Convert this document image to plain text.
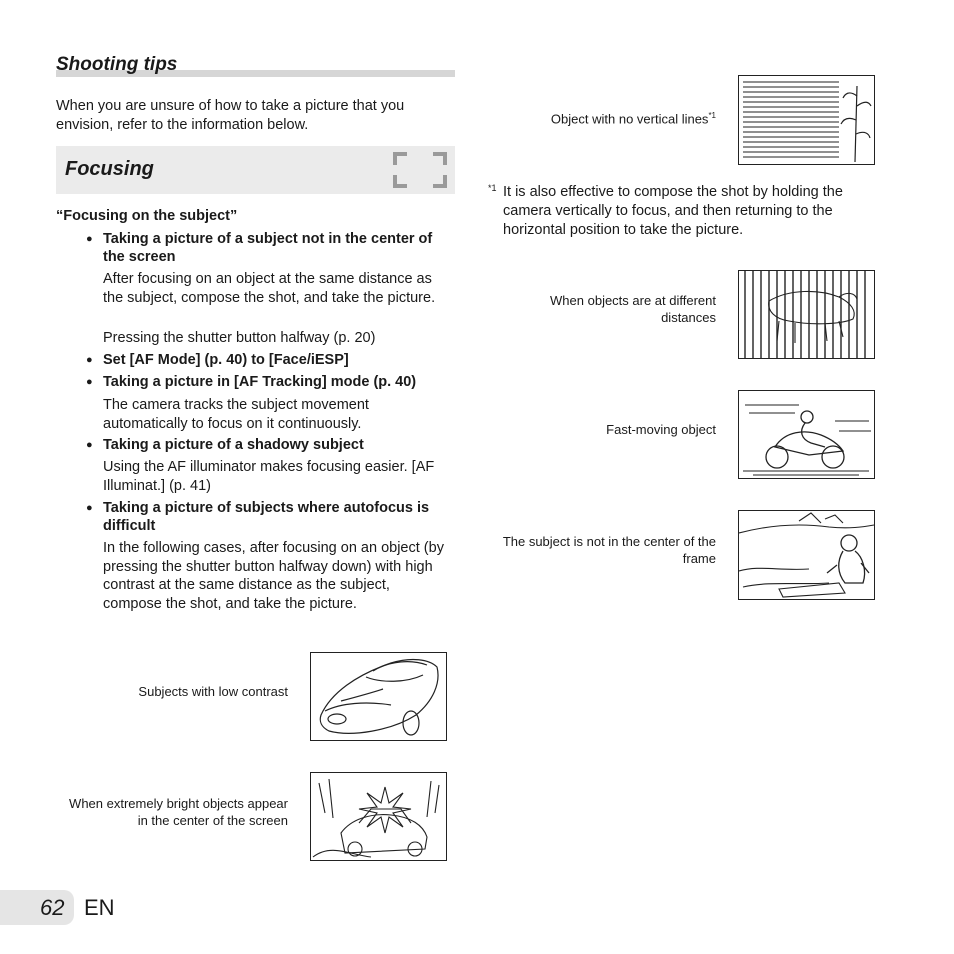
Shooting tips
When you are unsure of how to take a picture that you envision, refer to the information below.
Focusing
“Focusing on the subject”
● Taking a picture of a subject not in the center of the screen
After focusing on an object at the same distance as the subject, compose the shot, and take the picture.
Pressing the shutter button halfway (p. 20)
● Set [AF Mode] (p. 40) to [Face/iESP]
● Taking a picture in [AF Tracking] mode (p. 40)
The camera tracks the subject movement automatically to focus on it continuously.
● Taking a picture of a shadowy subject
Using the AF illuminator makes focusing easier. [AF Illuminat.] (p. 41)
● Taking a picture of subjects where autofocus is difficult
In the following cases, after focusing on an object (by pressing the shutter button halfway down) with high contrast at the same distance as the subject, compose the shot, and take the picture.
Subjects with low contrast
When extremely bright objects appear in the center of the screen
Object with no vertical lines$^{*1}$
*1 It is also effective to compose the shot by holding the camera vertically to focus, and then returning to the horizontal position to take the picture.
When objects are at different distances
Fast-moving object
The subject is not in the center of the frame
62 EN
